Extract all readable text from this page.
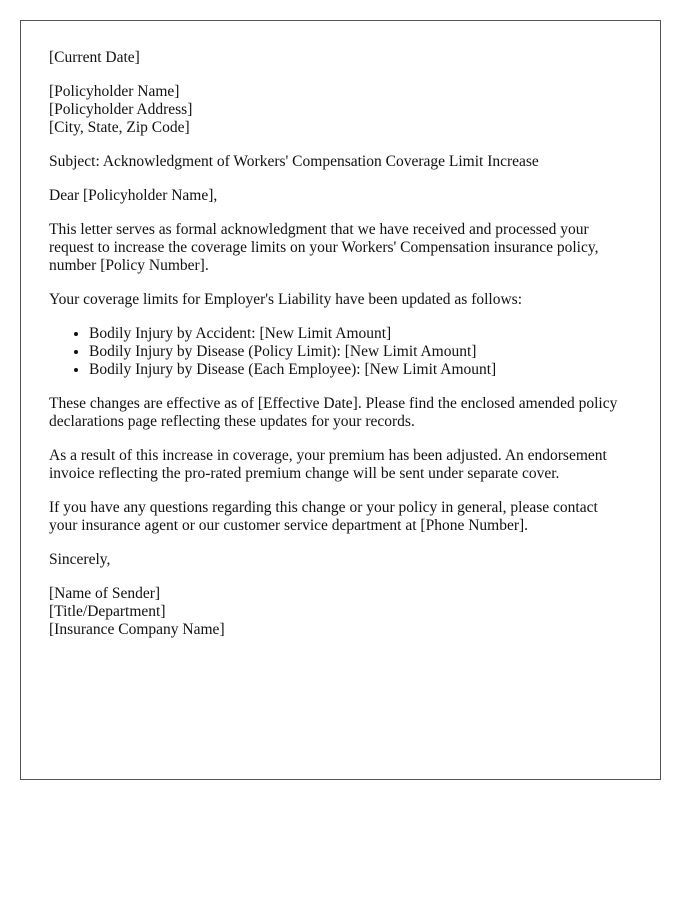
[Current Date]
[Policyholder Name]
[Policyholder Address]
[City, State, Zip Code]
Subject: Acknowledgment of Workers' Compensation Coverage Limit Increase
Dear [Policyholder Name],
This letter serves as formal acknowledgment that we have received and processed your request to increase the coverage limits on your Workers' Compensation insurance policy, number [Policy Number].
Your coverage limits for Employer's Liability have been updated as follows:
• Bodily Injury by Accident: [New Limit Amount]
• Bodily Injury by Disease (Policy Limit): [New Limit Amount]
• Bodily Injury by Disease (Each Employee): [New Limit Amount]
These changes are effective as of [Effective Date]. Please find the enclosed amended policy declarations page reflecting these updates for your records.
As a result of this increase in coverage, your premium has been adjusted. An endorsement invoice reflecting the pro-rated premium change will be sent under separate cover.
If you have any questions regarding this change or your policy in general, please contact your insurance agent or our customer service department at [Phone Number].
Sincerely,
[Name of Sender]
[Title/Department]
[Insurance Company Name]
